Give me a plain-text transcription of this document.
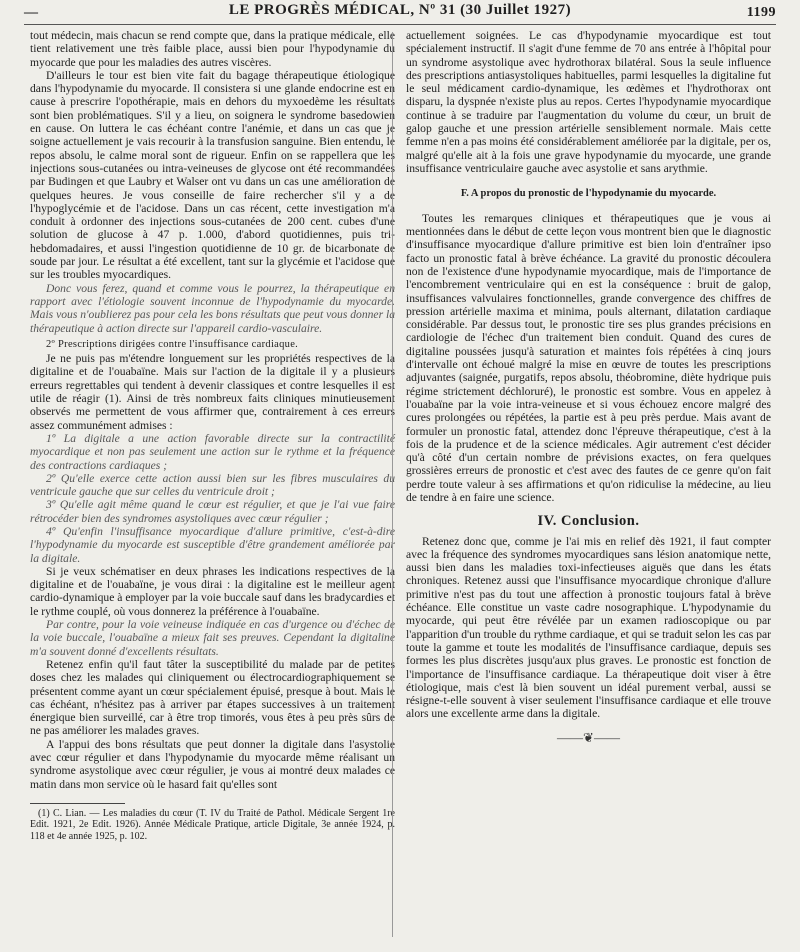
—	LE PROGRÈS MÉDICAL, Nº 31 (30 Juillet 1927)	1199

tout médecin, mais chacun se rend compte que, dans la pratique médicale, elle tient relativement une très faible place, aussi bien pour l'hypodynamie du myocarde que pour les maladies des autres viscères.

D'ailleurs le tour est bien vite fait du bagage thérapeutique étiologique dans l'hypodynamie du myocarde. Il consistera si une glande endocrine est en cause à prescrire l'opothérapie, mais en dehors du myxoedème les résultats sont bien problématiques. S'il y a lieu, on soignera le syndrome basedowien en cause. On luttera le cas échéant contre l'anémie, et dans un cas que je soigne actuellement je vais recourir à la transfusion sanguine. Bien entendu, le repos absolu, le calme moral sont de rigueur. Enfin on se rappellera que les injections sous-cutanées ou intra-veineuses de glycose ont été recommandées par Budingen et que Laubry et Walser ont vu dans un cas une amélioration de quelques heures. Je vous conseille de faire rechercher s'il y a de l'hypoglycémie et de l'acidose. Dans un cas récent, cette investigation m'a conduit à ordonner des injections sous-cutanées de 200 cent. cubes d'une solution de glucose à 47 p. 1.000, d'abord quotidiennes, puis tri-hebdomadaires, et aussi l'ingestion quotidienne de 10 gr. de bicarbonate de soude par jour. Le résultat a été excellent, tant sur la glycémie et l'acidose que sur les troubles myocardiques.

Donc vous ferez, quand et comme vous le pourrez, la thérapeutique en rapport avec l'étiologie souvent inconnue de l'hypodynamie du myocarde. Mais vous n'oublierez pas pour cela les bons résultats que peut vous donner la thérapeutique à action directe sur l'appareil cardio-vasculaire.

2º Prescriptions dirigées contre l'insuffisance cardiaque.

Je ne puis pas m'étendre longuement sur les propriétés respectives de la digitaline et de l'ouabaïne. Mais sur l'action de la digitale il y a plusieurs erreurs regrettables qui tendent à devenir classiques et contre lesquelles il est utile de réagir (1). Ainsi de très nombreux faits cliniques minutieusement observés me permettent de vous affirmer que, contrairement à ces erreurs assez communément admises :

1º La digitale a une action favorable directe sur la contractilité myocardique et non pas seulement une action sur le rythme et la fréquence des contractions cardiaques ;

2º Qu'elle exerce cette action aussi bien sur les fibres musculaires du ventricule gauche que sur celles du ventricule droit ;

3º Qu'elle agit même quand le cœur est régulier, et que je l'ai vue faire rétrocéder bien des syndromes asystoliques avec cœur régulier ;

4º Qu'enfin l'insuffisance myocardique d'allure primitive, c'est-à-dire l'hypodynamie du myocarde est susceptible d'être grandement améliorée par la digitale.

Si je veux schématiser en deux phrases les indications respectives de la digitaline et de l'ouabaïne, je vous dirai : la digitaline est le meilleur agent cardio-dynamique à employer par la voie buccale sauf dans les bradycardies et le rythme couplé, où vous donnerez la préférence à l'ouabaïne.

Par contre, pour la voie veineuse indiquée en cas d'urgence ou d'échec de la voie buccale, l'ouabaïne a mieux fait ses preuves. Cependant la digitaline m'a souvent donné d'excellents résultats.

Retenez enfin qu'il faut tâter la susceptibilité du malade par de petites doses chez les malades qui cliniquement ou électrocardiographiquement se présentent comme ayant un cœur spécialement épuisé, presque à bout. Mais le cas échéant, n'hésitez pas à arriver par étapes successives à un traitement énergique bien surveillé, car à être trop timorés, vous êtes à peu près sûrs de ne pas améliorer les malades graves.

A l'appui des bons résultats que peut donner la digitale dans l'asystolie avec cœur régulier et dans l'hypodynamie du myocarde même réalisant un syndrome asystolique avec cœur régulier, je vous ai montré deux malades ce matin dans mon service où le hasard fait qu'elles sont

(1) C. Lian. — Les maladies du cœur (T. IV du Traité de Pathol. Médicale Sergent 1re Edit. 1921, 2e Edit. 1926). Année Médicale Pratique, article Digitale, 3e année 1924, p. 118 et 4e année 1925, p. 102.

actuellement soignées. Le cas d'hypodynamie myocardique est tout spécialement instructif. Il s'agit d'une femme de 70 ans entrée à l'hôpital pour un syndrome asystolique avec hydrothorax bilatéral. Sous la seule influence des prescriptions antiasystoliques habituelles, parmi lesquelles la digitaline fut le seul médicament cardio-dynamique, les œdèmes et l'hydrothorax ont disparu, la dyspnée n'existe plus au repos. Certes l'hypodynamie myocardique continue à se traduire par l'augmentation du volume du cœur, un bruit de galop gauche et une pression artérielle sensiblement normale. Mais cette femme n'en a pas moins été considérablement améliorée par la digitale, per os, malgré qu'elle ait à la fois une grave hypodynamie du myocarde, une grande insuffisance ventriculaire gauche avec asystolie et sans arythmie.

F. A propos du pronostic de l'hypodynamie du myocarde.

Toutes les remarques cliniques et thérapeutiques que je vous ai mentionnées dans le début de cette leçon vous montrent bien que le diagnostic d'insuffisance myocardique d'allure primitive est bien loin d'entraîner ipso facto un pronostic fatal à brève échéance. La gravité du pronostic découlera non de l'existence d'une hypodynamie myocardique, mais de l'importance de l'encombrement ventriculaire qui en est la conséquence : bruit de galop, insuffisances valvulaires fonctionnelles, grande convergence des chiffres de pression artérielle maxima et minima, pouls alternant, dilatation cardiaque considérable. Par dessus tout, le pronostic tire ses plus grandes précisions en cardiologie de l'échec d'un traitement bien conduit. Quand des cures de digitaline poussées jusqu'à saturation et maintes fois répétées à cinq jours d'intervalle ont échoué malgré la mise en œuvre de toutes les prescriptions adjuvantes (saignée, purgatifs, repos absolu, théobromine, diète hydrique puis régime strictement déchloruré), le pronostic est sombre. Vous en appelez à l'ouabaïne par la voie intra-veineuse et si vous échouez encore malgré des cures prolongées ou répétées, la partie est à peu près perdue. Mais avant de formuler un pronostic fatal, attendez donc l'épreuve thérapeutique, c'est à la fois de la prudence et de la science médicales. Agir autrement c'est décider qu'à côté d'un certain nombre de prévisions exactes, on fera quelques grossières erreurs de pronostic et c'est avec des fautes de ce genre qu'on fait perdre toute valeur à ses affirmations et qu'on ridiculise la médecine, au lieu de tendre à en faire une science.

IV. Conclusion.

Retenez donc que, comme je l'ai mis en relief dès 1921, il faut compter avec la fréquence des syndromes myocardiques sans lésion anatomique nette, aussi bien dans les maladies toxi-infectieuses aiguës que dans les états chroniques. Retenez aussi que l'insuffisance myocardique chronique d'allure primitive n'est pas du tout une affection à pronostic toujours fatal à brève échéance. Elle constitue un vaste cadre nosographique. L'hypodynamie du myocarde, qui peut être révélée par un examen radioscopique ou par l'apparition d'un trouble du rythme cardiaque, et qui se traduit selon les cas par toute la gamme et toute les modalités de l'insuffisance cardiaque, depuis ses formes les plus discrètes jusqu'aux plus graves. Le pronostic est fonction de l'importance de l'insuffisance cardiaque. La thérapeutique doit viser à être étiologique, mais c'est là bien souvent un idéal purement verbal, aussi se résigne-t-elle souvent à viser seulement l'insuffisance cardiaque et elle trouve alors une excellente arme dans la digitale.

——❦——
